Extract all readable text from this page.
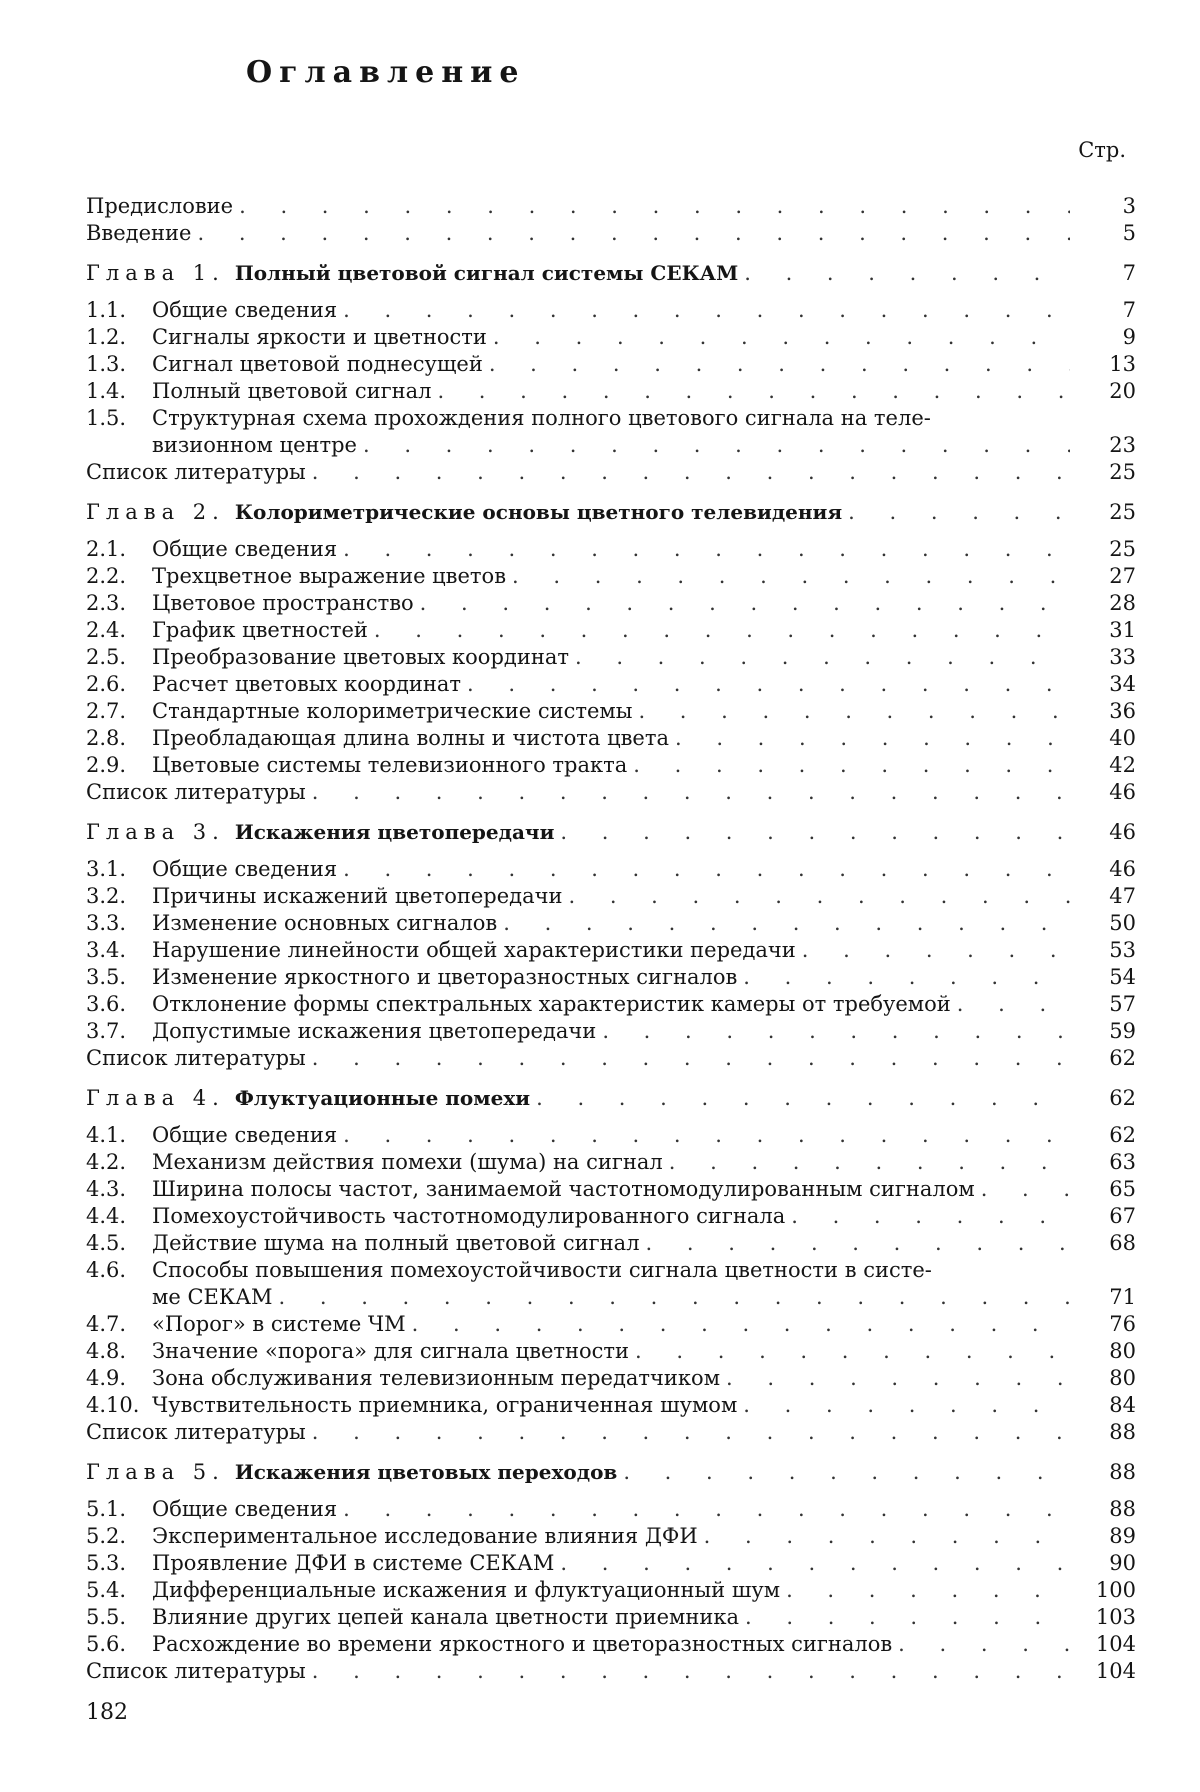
Оглавление
Стр.
Предисловие . . .	3
Введение . . .	5
Глава 1. Полный цветовой сигнал системы СЕКАМ . . .	7
1.1.	Общие сведения . . .	7
1.2.	Сигналы яркости и цветности . . .	9
1.3.	Сигнал цветовой поднесущей . . .	13
1.4.	Полный цветовой сигнал . . .	20
1.5.	Структурная схема прохождения полного цветового сигнала на теле-
визионном центре . . .	23
Список литературы . . .	25
Глава 2. Колориметрические основы цветного телевидения . . .	25
2.1.	Общие сведения . . .	25
2.2.	Трехцветное выражение цветов . . .	27
2.3.	Цветовое пространство . . .	28
2.4.	График цветностей . . .	31
2.5.	Преобразование цветовых координат . . .	33
2.6.	Расчет цветовых координат . . .	34
2.7.	Стандартные колориметрические системы . . .	36
2.8.	Преобладающая длина волны и чистота цвета . . .	40
2.9.	Цветовые системы телевизионного тракта . . .	42
Список литературы . . .	46
Глава 3. Искажения цветопередачи . . .	46
3.1.	Общие сведения . . .	46
3.2.	Причины искажений цветопередачи . . .	47
3.3.	Изменение основных сигналов . . .	50
3.4.	Нарушение линейности общей характеристики передачи . . .	53
3.5.	Изменение яркостного и цветоразностных сигналов . . .	54
3.6.	Отклонение формы спектральных характеристик камеры от требуемой . . .	57
3.7.	Допустимые искажения цветопередачи . . .	59
Список литературы . . .	62
Глава 4. Флуктуационные помехи . . .	62
4.1.	Общие сведения . . .	62
4.2.	Механизм действия помехи (шума) на сигнал . . .	63
4.3.	Ширина полосы частот, занимаемой частотномодулированным сигналом . . .	65
4.4.	Помехоустойчивость частотномодулированного сигнала . . .	67
4.5.	Действие шума на полный цветовой сигнал . . .	68
4.6.	Способы повышения помехоустойчивости сигнала цветности в систе-
ме СЕКАМ . . .	71
4.7.	«Порог» в системе ЧМ . . .	76
4.8.	Значение «порога» для сигнала цветности . . .	80
4.9.	Зона обслуживания телевизионным передатчиком . . .	80
4.10. Чувствительность приемника, ограниченная шумом . . .	84
Список литературы . . .	88
Глава 5. Искажения цветовых переходов . . .	88
5.1.	Общие сведения . . .	88
5.2.	Экспериментальное исследование влияния ДФИ . . .	89
5.3.	Проявление ДФИ в системе СЕКАМ . . .	90
5.4.	Дифференциальные искажения и флуктуационный шум . . .	100
5.5.	Влияние других цепей канала цветности приемника . . .	103
5.6.	Расхождение во времени яркостного и цветоразностных сигналов . . .	104
Список литературы . . .	104
182
